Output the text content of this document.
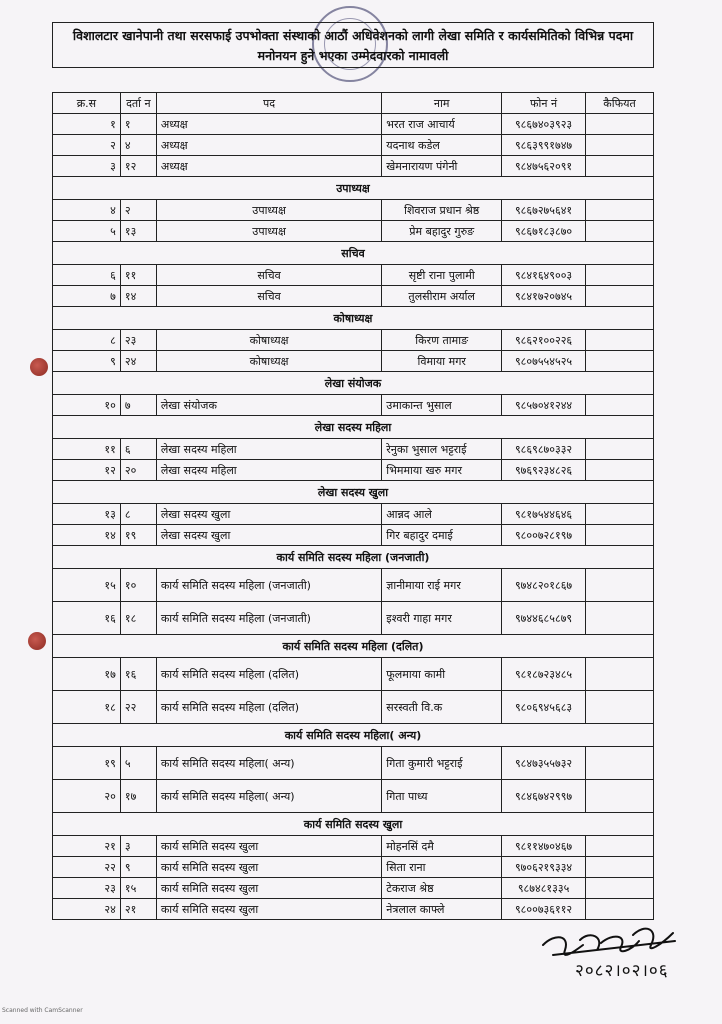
विशालटार खानेपानी तथा सरसफाई उपभोक्ता संस्थाको आठौं अधिवेशनको लागी लेखा समिति र कार्यसमितिको विभिन्न पदमा
मनोनयन हुने भएका उम्मेदवारको नामावली
क्र.स	दर्ता न	पद	नाम	फोन नं	कैफियत
१	१	अध्यक्ष	भरत राज आचार्य	९८६७४०३९२३	
२	४	अध्यक्ष	यदनाथ कडेल	९८६३९९१७४७	
३	१२	अध्यक्ष	खेमनारायण पंगेनी	९८४७५६२०९१	
उपाध्यक्ष					
४	२	उपाध्यक्ष	शिवराज प्रधान श्रेष्ठ	९८६७२७५६४१	
५	१३	उपाध्यक्ष	प्रेम बहादुर गुरुङ	९८६७१८३८७०	
सचिव					
६	११	सचिव	सृष्टी राना पुलामी	९८४१६४९००३	
७	१४	सचिव	तुलसीराम अर्याल	९८४१७२०७४५	
कोषाध्यक्ष					
८	२३	कोषाध्यक्ष	किरण तामाङ	९८६२१००२२६	
९	२४	कोषाध्यक्ष	विमाया मगर	९८०७५५४५२५	
लेखा संयोजक					
१०	७	लेखा संयोजक	उमाकान्त भुसाल	९८५७०४१२४४	
लेखा सदस्य महिला					
११	६	लेखा सदस्य महिला	रेनुका भुसाल भट्टराई	९८६९८७०३३२	
१२	२०	लेखा सदस्य महिला	भिममाया खरु मगर	९७६९२३४८२६	
लेखा सदस्य खुला					
१३	८	लेखा सदस्य खुला	आन्नद आले	९८१७५४४६४६	
१४	१९	लेखा सदस्य खुला	गिर बहादुर दमाई	९८००७२८१९७	
कार्य समिति सदस्य महिला (जनजाती)					
१५	१०	कार्य समिति सदस्य महिला (जनजाती)	ज्ञानीमाया राई मगर	९७४८२०१८६७	
१६	१८	कार्य समिति सदस्य महिला (जनजाती)	इश्वरी गाहा मगर	९७४४६८५८७९	
कार्य समिति सदस्य महिला (दलित)					
१७	१६	कार्य समिति सदस्य महिला (दलित)	फूलमाया कामी	९८१८७२३४८५	
१८	२२	कार्य समिति सदस्य महिला (दलित)	सरस्वती वि.क	९८०६९४५६८३	
कार्य समिति सदस्य महिला( अन्य)					
१९	५	कार्य समिति सदस्य महिला( अन्य)	गिता कुमारी भट्टराई	९८४७३५५७३२	
२०	१७	कार्य समिति सदस्य महिला( अन्य)	गिता पाध्य	९८४६७४२९९७	
कार्य समिति सदस्य खुला					
२१	३	कार्य समिति सदस्य खुला	मोहनसिं दमै	९८११४७०४६७	
२२	९	कार्य समिति सदस्य खुला	सिता राना	९७०६२१९३३४	
२३	१५	कार्य समिति सदस्य खुला	टेकराज श्रेष्ठ	९८७४८१३३५	
२४	२१	कार्य समिति सदस्य खुला	नेत्रलाल काफ्ले	९८००७३६११२	
२०८२।०२।०६
Scanned with CamScanner
